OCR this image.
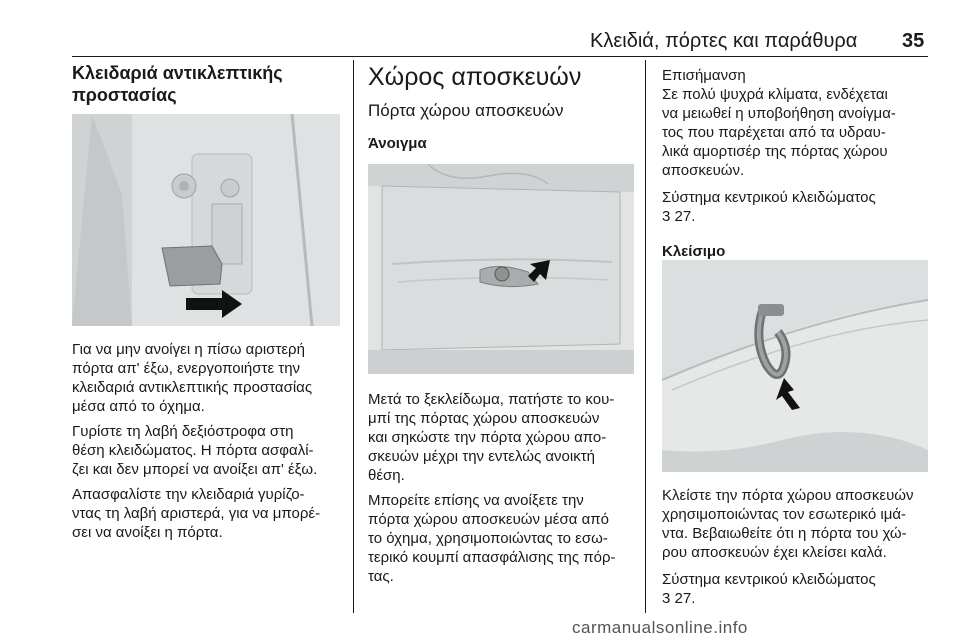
Κλειδιά, πόρτες και παράθυρα 35
Κλειδαριά αντικλεπτικής
προστασίας

Για να μην ανοίγει η πίσω αριστερή
πόρτα απ' έξω, ενεργοποιήστε την
κλειδαριά αντικλεπτικής προστασίας
μέσα από το όχημα.

Γυρίστε τη λαβή δεξιόστροφα στη
θέση κλειδώματος. Η πόρτα ασφαλί-
ζει και δεν μπορεί να ανοίξει απ' έξω.

Απασφαλίστε την κλειδαριά γυρίζο-
ντας τη λαβή αριστερά, για να μπορέ-
σει να ανοίξει η πόρτα.

Χώρος αποσκευών
Πόρτα χώρου αποσκευών
Άνοιγμα

Μετά το ξεκλείδωμα, πατήστε το κου-
μπί της πόρτας χώρου αποσκευών
και σηκώστε την πόρτα χώρου απο-
σκευών μέχρι την εντελώς ανοικτή
θέση.

Μπορείτε επίσης να ανοίξετε την
πόρτα χώρου αποσκευών μέσα από
το όχημα, χρησιμοποιώντας το εσω-
τερικό κουμπί απασφάλισης της πόρ-
τας.

Επισήμανση

Σε πολύ ψυχρά κλίματα, ενδέχεται
να μειωθεί η υποβοήθηση ανοίγμα-
τος που παρέχεται από τα υδραυ-
λικά αμορτισέρ της πόρτας χώρου
αποσκευών.

Σύστημα κεντρικού κλειδώματος
3 27.

Κλείσιμο

Κλείστε την πόρτα χώρου αποσκευών
χρησιμοποιώντας τον εσωτερικό ιμά-
ντα. Βεβαιωθείτε ότι η πόρτα του χώ-
ρου αποσκευών έχει κλείσει καλά.

Σύστημα κεντρικού κλειδώματος
3 27.

carmanualsonline.info
